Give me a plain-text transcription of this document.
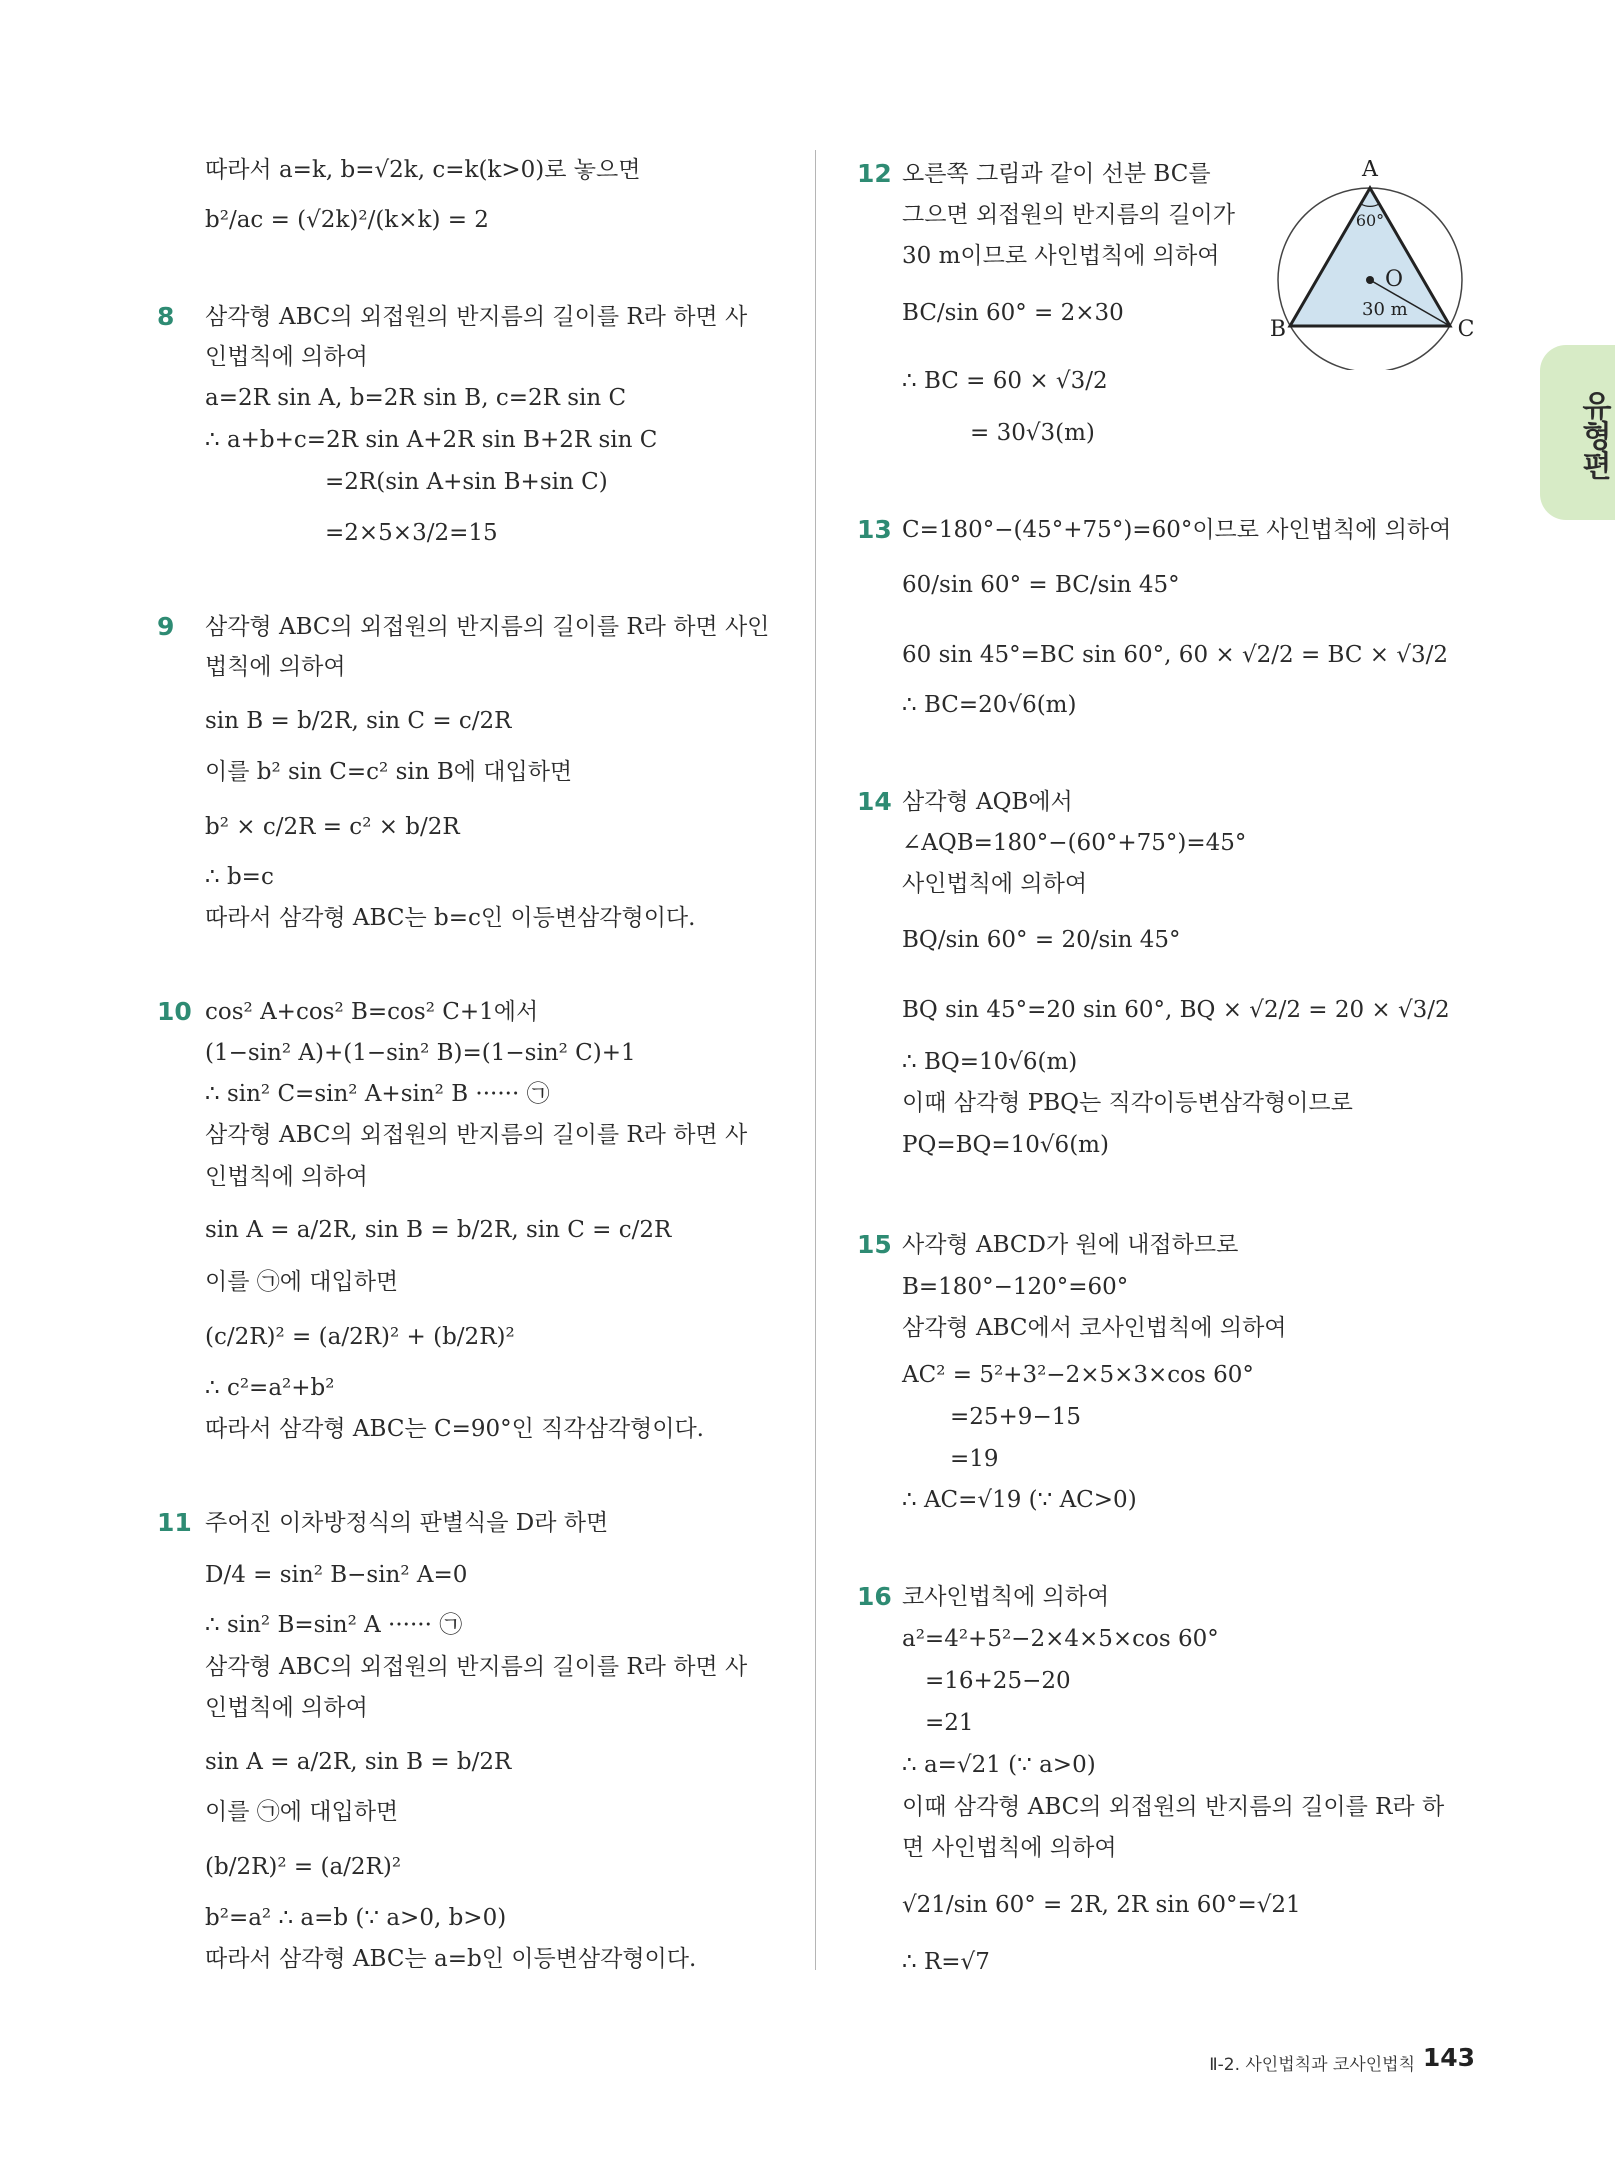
따라서 a=k, b=√2k, c=k(k>0)로 놓으면
b²/ac = (√2k)²/(k×k) = 2
8 삼각형 ABC의 외접원의 반지름의 길이를 R라 하면 사
인법칙에 의하여
a=2R sin A, b=2R sin B, c=2R sin C
∴ a+b+c=2R sin A+2R sin B+2R sin C
=2R(sin A+sin B+sin C)
=2×5×3/2=15
9 삼각형 ABC의 외접원의 반지름의 길이를 R라 하면 사인
법칙에 의하여
sin B = b/2R, sin C = c/2R
이를 b² sin C=c² sin B에 대입하면
b² × c/2R = c² × b/2R
∴ b=c
따라서 삼각형 ABC는 b=c인 이등변삼각형이다.
10 cos² A+cos² B=cos² C+1에서
(1−sin² A)+(1−sin² B)=(1−sin² C)+1
∴ sin² C=sin² A+sin² B ······ ㉠
삼각형 ABC의 외접원의 반지름의 길이를 R라 하면 사
인법칙에 의하여
sin A = a/2R, sin B = b/2R, sin C = c/2R
이를 ㉠에 대입하면
(c/2R)² = (a/2R)² + (b/2R)²
∴ c²=a²+b²
따라서 삼각형 ABC는 C=90°인 직각삼각형이다.
11 주어진 이차방정식의 판별식을 D라 하면
D/4 = sin² B−sin² A=0
∴ sin² B=sin² A ······ ㉠
삼각형 ABC의 외접원의 반지름의 길이를 R라 하면 사
인법칙에 의하여
sin A = a/2R, sin B = b/2R
이를 ㉠에 대입하면
(b/2R)² = (a/2R)²
b²=a² ∴ a=b (∵ a>0, b>0)
따라서 삼각형 ABC는 a=b인 이등변삼각형이다.
12 오른쪽 그림과 같이 선분 BC를
그으면 외접원의 반지름의 길이가
30 m이므로 사인법칙에 의하여
BC/sin 60° = 2×30
∴ BC = 60 × √3/2
= 30√3(m)
A
B	C
O
60°
30 m
13 C=180°−(45°+75°)=60°이므로 사인법칙에 의하여
60/sin 60° = BC/sin 45°
60 sin 45°=BC sin 60°, 60 × √2/2 = BC × √3/2
∴ BC=20√6(m)
14 삼각형 AQB에서
∠AQB=180°−(60°+75°)=45°
사인법칙에 의하여
BQ/sin 60° = 20/sin 45°
BQ sin 45°=20 sin 60°, BQ × √2/2 = 20 × √3/2
∴ BQ=10√6(m)
이때 삼각형 PBQ는 직각이등변삼각형이므로
PQ=BQ=10√6(m)
15 사각형 ABCD가 원에 내접하므로
B=180°−120°=60°
삼각형 ABC에서 코사인법칙에 의하여
AC² = 5²+3²−2×5×3×cos 60°
=25+9−15
=19
∴ AC=√19 (∵ AC>0)
16 코사인법칙에 의하여
a²=4²+5²−2×4×5×cos 60°
=16+25−20
=21
∴ a=√21 (∵ a>0)
이때 삼각형 ABC의 외접원의 반지름의 길이를 R라 하
면 사인법칙에 의하여
√21/sin 60° = 2R, 2R sin 60°=√21
∴ R=√7
유형편
Ⅱ-2. 사인법칙과 코사인법칙 143
